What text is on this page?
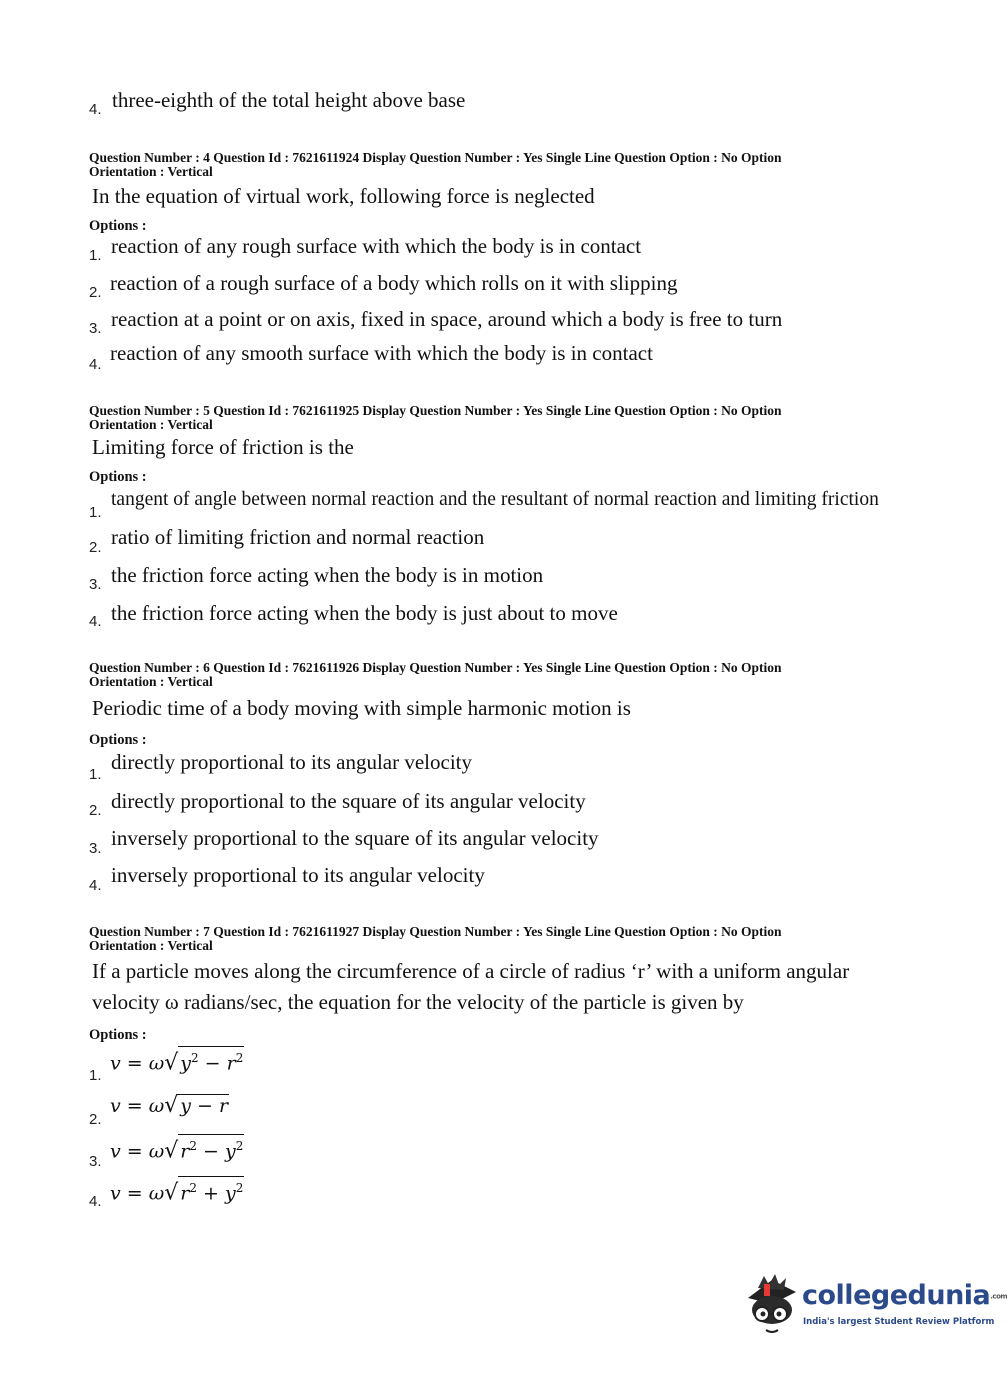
4. three-eighth of the total height above base
Question Number : 4 Question Id : 7621611924 Display Question Number : Yes Single Line Question Option : No Option
Orientation : Vertical
In the equation of virtual work, following force is neglected
Options :
1. reaction of any rough surface with which the body is in contact
2. reaction of a rough surface of a body which rolls on it with slipping
3. reaction at a point or on axis, fixed in space, around which a body is free to turn
4. reaction of any smooth surface with which the body is in contact
Question Number : 5 Question Id : 7621611925 Display Question Number : Yes Single Line Question Option : No Option
Orientation : Vertical
Limiting force of friction is the
Options :
1.
tangent of angle between normal reaction and the resultant of normal reaction and limiting friction
2. ratio of limiting friction and normal reaction
3. the friction force acting when the body is in motion
4. the friction force acting when the body is just about to move
Question Number : 6 Question Id : 7621611926 Display Question Number : Yes Single Line Question Option : No Option
Orientation : Vertical
Periodic time of a body moving with simple harmonic motion is
Options :
1.
directly proportional to its angular velocity
2. directly proportional to the square of its angular velocity
3. inversely proportional to the square of its angular velocity
4. inversely proportional to its angular velocity
Question Number : 7 Question Id : 7621611927 Display Question Number : Yes Single Line Question Option : No Option
Orientation : Vertical
If a particle moves along the circumference of a circle of radius ‘r’ with a uniform angular
velocity ω radians/sec, the equation for the velocity of the particle is given by
Options :
1.
v = ω√ $y^2 - r^2$
2.
v = ω√ y − r
3. v = ω√ $r^2 - y^2$
4. v = ω√ $r^2 + y^2$
collegedunia.com
India's largest Student Review Platform
